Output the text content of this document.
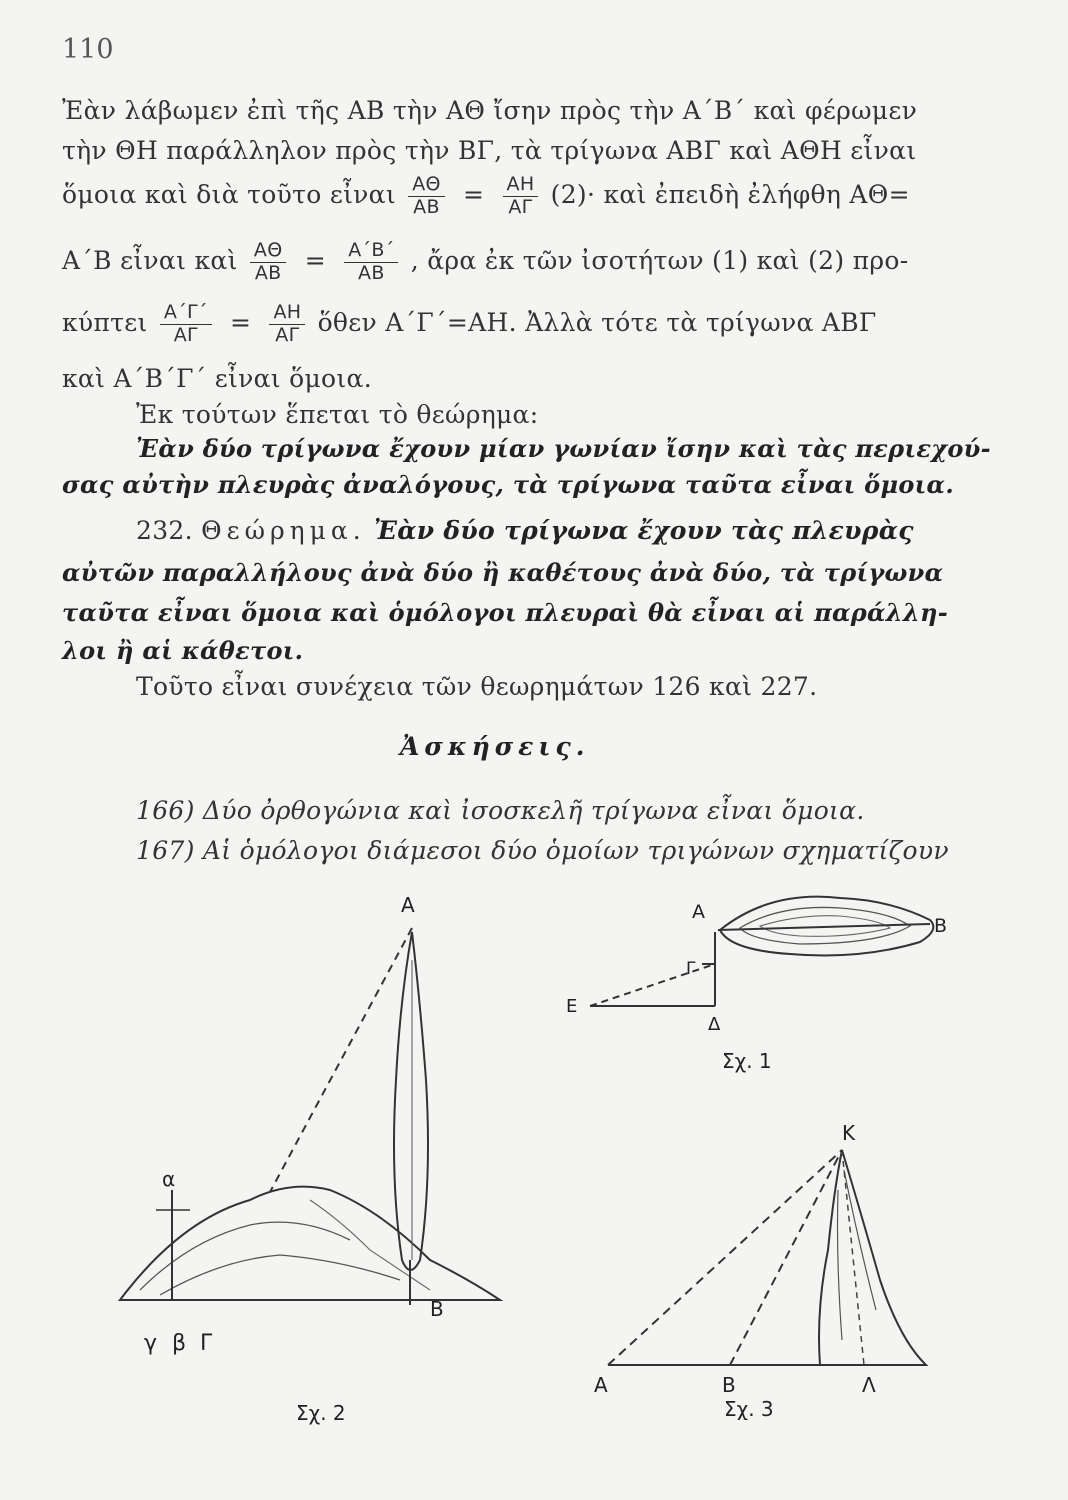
110
Ἐὰν λάβωμεν ἐπὶ τῆς ΑΒ τὴν ΑΘ ἴσην πρὸς τὴν Α΄Β΄ καὶ φέρωμεν
τὴν ΘΗ παράλληλον πρὸς τὴν ΒΓ, τὰ τρίγωνα ΑΒΓ καὶ ΑΘΗ εἶναι
ὅμοια καὶ διὰ τοῦτο εἶναι $\frac{A\Theta}{AB} = \frac{AH}{A\Gamma} (2)\cdot$ καὶ ἐπειδὴ ἐλήφθη ΑΘ=
Α΄Β εἶναι καὶ $\frac{A\Theta}{AB} = \frac{A΄B΄}{AB}$ , ἄρα ἐκ τῶν ἰσοτήτων (1) καὶ (2) προ-
κύπτει $\frac{A΄\Gamma΄}{A\Gamma} = \frac{AH}{A\Gamma}$ ὅθεν Α΄Γ΄=ΑΗ. Ἀλλὰ τότε τὰ τρίγωνα ΑΒΓ
καὶ Α΄Β΄Γ΄ εἶναι ὅμοια.
Ἐκ τούτων ἕπεται τὸ θεώρημα:
Ἐὰν δύο τρίγωνα ἔχουν μίαν γωνίαν ἴσην καὶ τὰς περιεχού-
σας αὐτὴν πλευρὰς ἀναλόγους, τὰ τρίγωνα ταῦτα εἶναι ὅμοια.
232. Θεώρημα. Ἐὰν δύο τρίγωνα ἔχουν τὰς πλευρὰς
αὐτῶν παραλλήλους ἀνὰ δύο ἢ καθέτους ἀνὰ δύο, τὰ τρίγωνα
ταῦτα εἶναι ὅμοια καὶ ὁμόλογοι πλευραὶ θὰ εἶναι αἱ παράλλη-
λοι ἢ αἱ κάθετοι.
Τοῦτο εἶναι συνέχεια τῶν θεωρημάτων 126 καὶ 227.
Ἀσκήσεις.
166) Δύο ὀρθογώνια καὶ ἰσοσκελῆ τρίγωνα εἶναι ὅμοια.
167) Αἱ ὁμόλογοι διάμεσοι δύο ὁμοίων τριγώνων σχηματίζουν
A
α
γ β Γ
B
Σχ. 2
A
B
Γ
E
Δ
Σχ. 1
K
A	B	Λ
Σχ. 3
